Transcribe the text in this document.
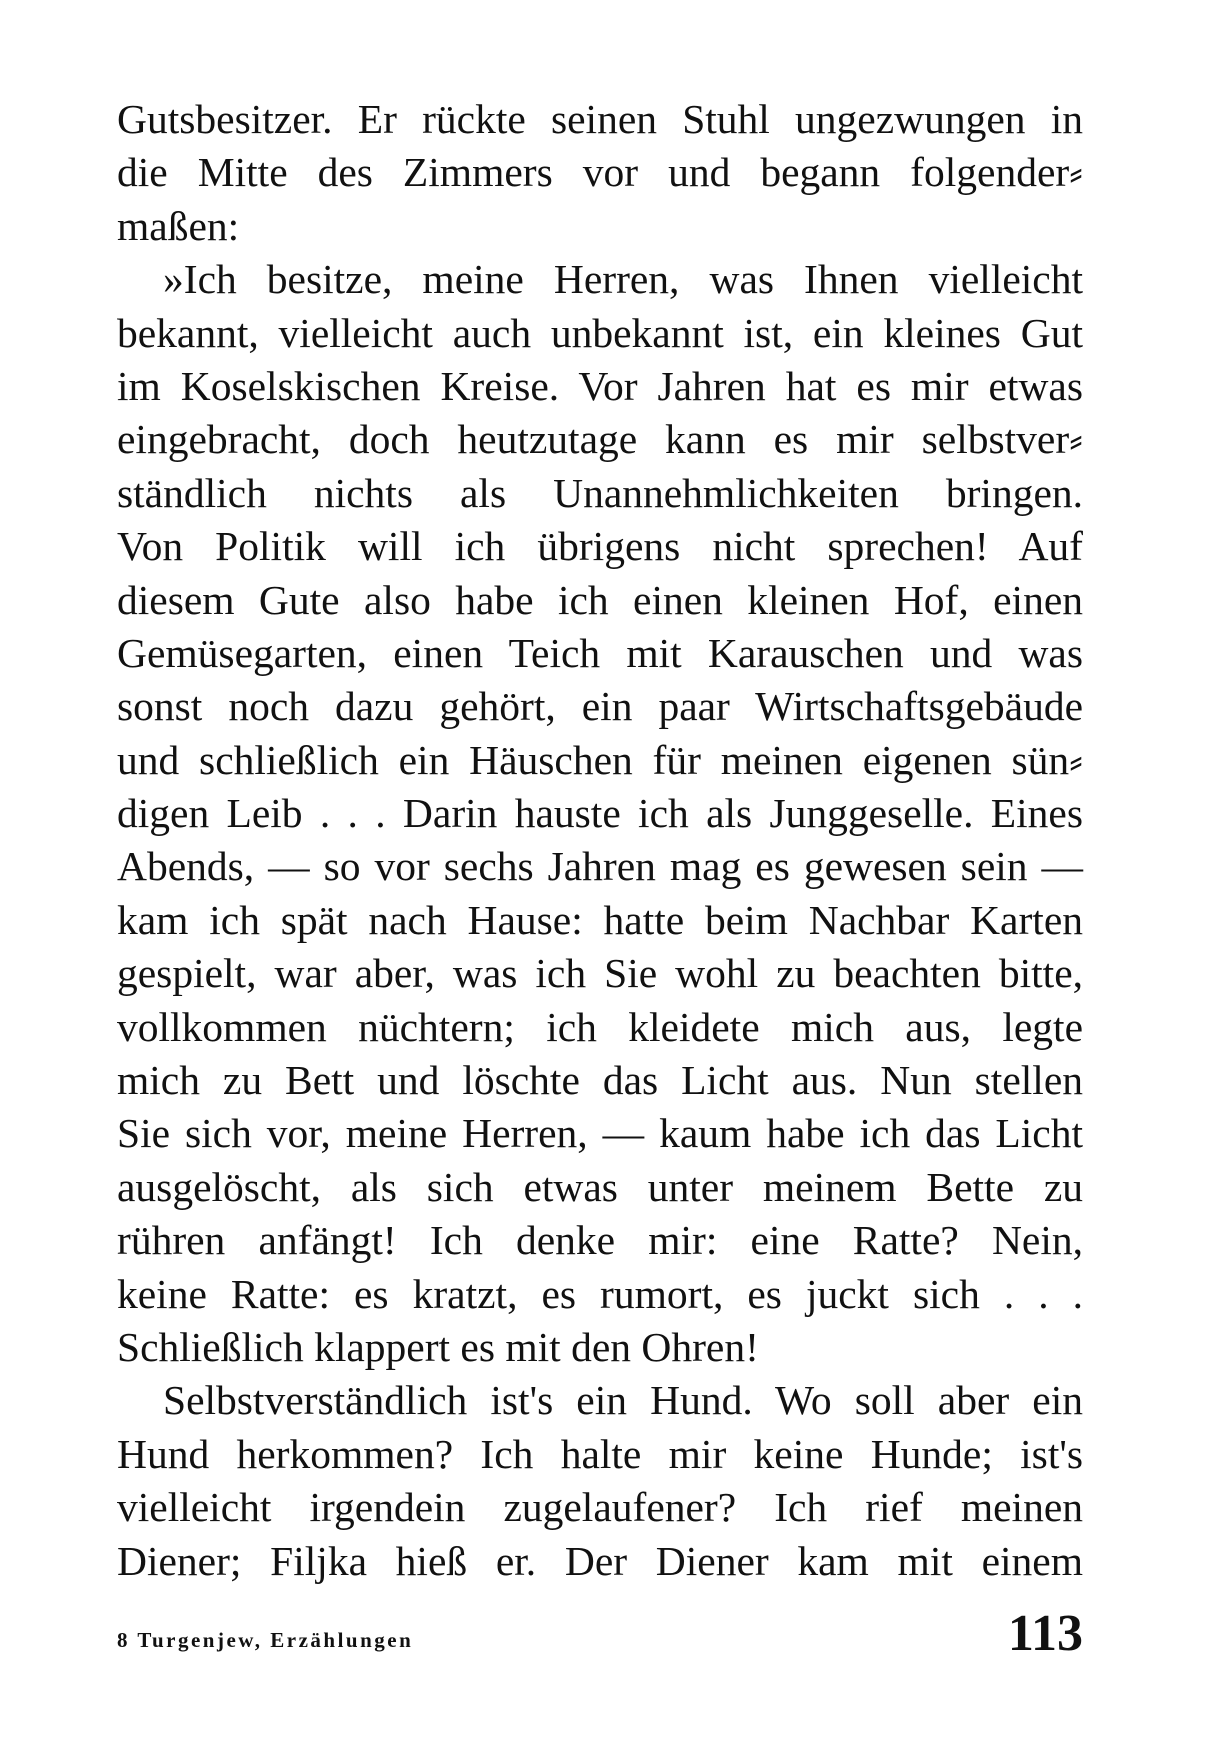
Gutsbesitzer. Er rückte seinen Stuhl ungezwungen in
die Mitte des Zimmers vor und begann folgender⸗
maßen:
»Ich besitze, meine Herren, was Ihnen vielleicht
bekannt, vielleicht auch unbekannt ist, ein kleines Gut
im Koselskischen Kreise. Vor Jahren hat es mir etwas
eingebracht, doch heutzutage kann es mir selbstver⸗
ständlich nichts als Unannehmlichkeiten bringen.
Von Politik will ich übrigens nicht sprechen! Auf
diesem Gute also habe ich einen kleinen Hof, einen
Gemüsegarten, einen Teich mit Karauschen und was
sonst noch dazu gehört, ein paar Wirtschaftsgebäude
und schließlich ein Häuschen für meinen eigenen sün⸗
digen Leib . . . Darin hauste ich als Junggeselle. Eines
Abends, — so vor sechs Jahren mag es gewesen sein —
kam ich spät nach Hause: hatte beim Nachbar Karten
gespielt, war aber, was ich Sie wohl zu beachten bitte,
vollkommen nüchtern; ich kleidete mich aus, legte
mich zu Bett und löschte das Licht aus. Nun stellen
Sie sich vor, meine Herren, — kaum habe ich das Licht
ausgelöscht, als sich etwas unter meinem Bette zu
rühren anfängt! Ich denke mir: eine Ratte? Nein,
keine Ratte: es kratzt, es rumort, es juckt sich . . .
Schließlich klappert es mit den Ohren!
Selbstverständlich ist's ein Hund. Wo soll aber ein
Hund herkommen? Ich halte mir keine Hunde; ist's
vielleicht irgendein zugelaufener? Ich rief meinen
Diener; Filjka hieß er. Der Diener kam mit einem
8 Turgenjew, Erzählungen	113
